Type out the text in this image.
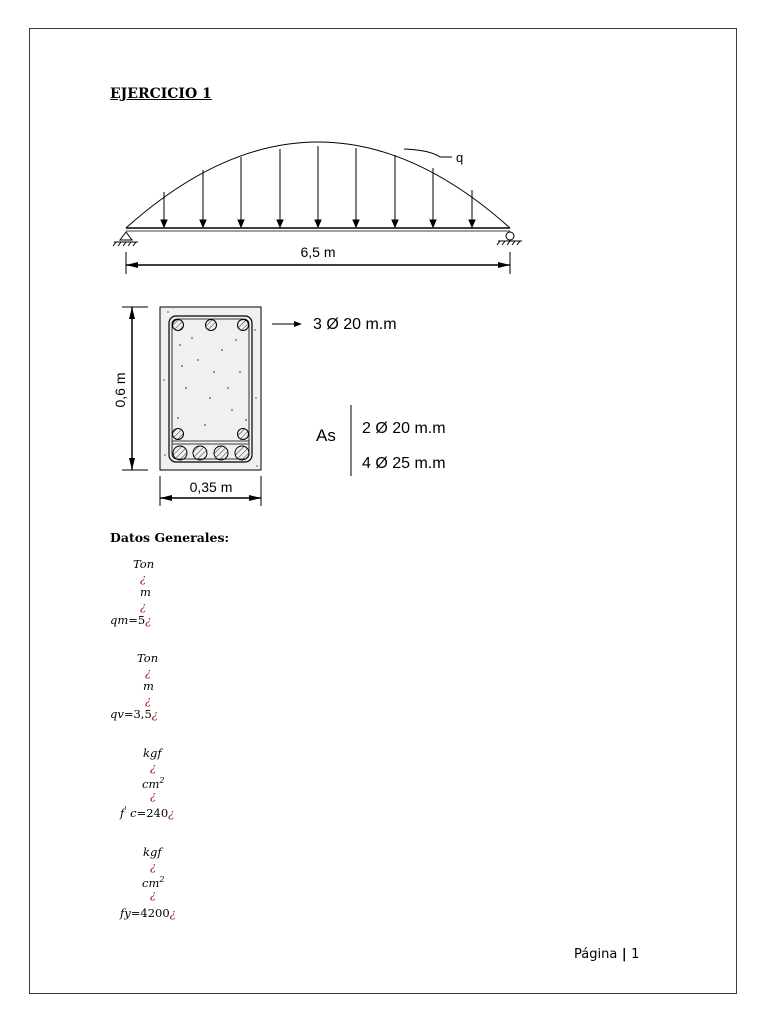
EJERCICIO 1
q
6,5 m
0,6 m
0,35 m
3 Ø 20 m.m
As 2 Ø 20 m.m
4 Ø 25 m.m
Datos Generales:
Ton
¿
m
¿
qm=5¿
Ton
¿
m
¿
qv=3,5¿
kgf
¿
$cm^2$
¿
f' c=240¿
kgf
¿
$cm^2$
¿
fy=4200¿
Página | 1
